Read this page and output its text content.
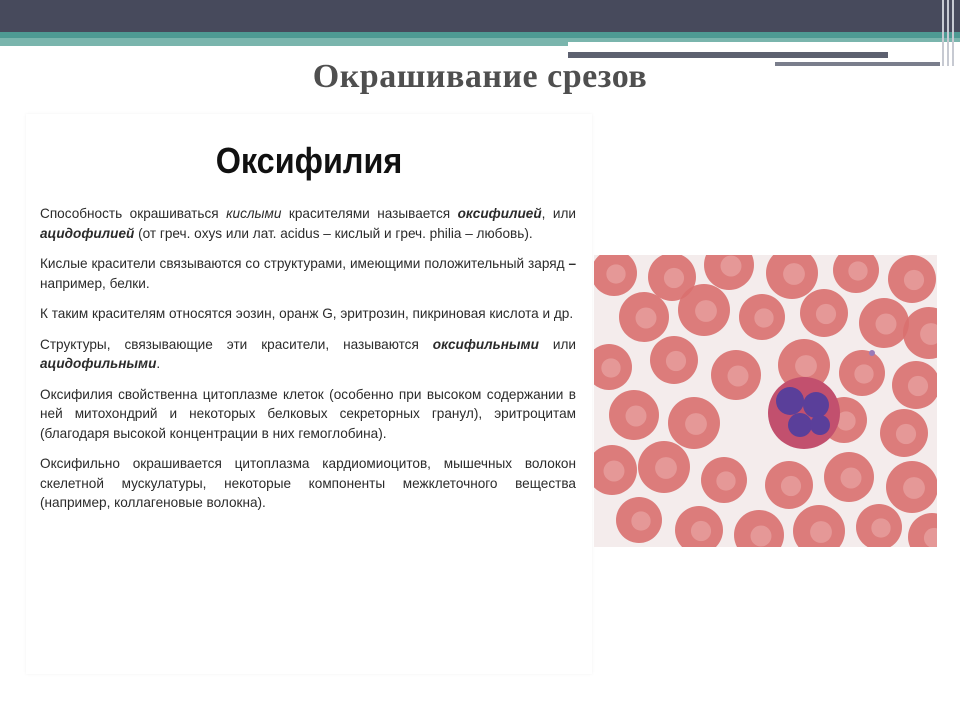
Окрашивание срезов
Оксифилия

Способность окрашиваться кислыми красителями называется оксифилией, или ацидофилией (от греч. oxys или лат. acidus – кислый и греч. philia – любовь).

Кислые красители связываются со структурами, имеющими положительный заряд – например, белки.

К таким красителям относятся эозин, оранж G, эритрозин, пикриновая кислота и др.

Структуры, связывающие эти красители, называются оксифильными или ацидофильными.

Оксифилия свойственна цитоплазме клеток (особенно при высоком содержании в ней митохондрий и некоторых белковых секреторных гранул), эритроцитам (благодаря высокой концентрации в них гемоглобина).

Оксифильно окрашивается цитоплазма кардиомиоцитов, мышечных волокон скелетной мускулатуры, некоторые компоненты межклеточного вещества (например, коллагеновые волокна).
